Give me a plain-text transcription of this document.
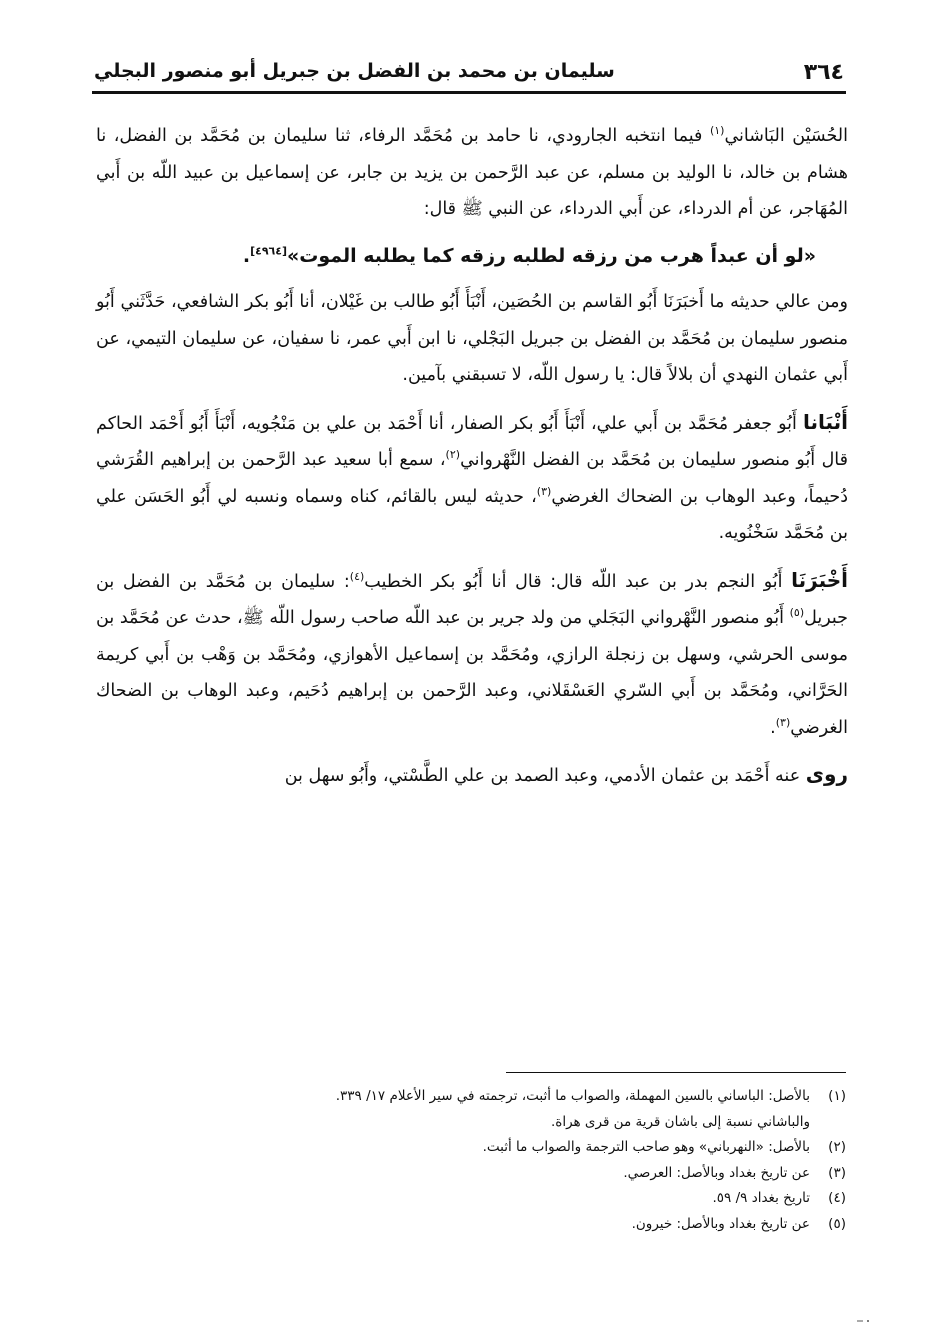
٣٦٤
سليمان بن محمد بن الفضل بن جبريل أبو منصور البجلي

الحُسَيْن البَاشاني$^{(١)}$ فيما انتخبه الجارودي، نا حامد بن مُحَمَّد الرفاء، ثنا سليمان بن مُحَمَّد بن الفضل، نا هشام بن خالد، نا الوليد بن مسلم، عن عبد الرَّحمن بن يزيد بن جابر، عن إسماعيل بن عبيد اللّه بن أَبي المُهَاجر، عن أم الدرداء، عن أَبي الدرداء، عن النبي ﷺ قال:

«لو أن عبداً هرب من رزقه لطلبه رزقه كما يطلبه الموت»[٤٩٦٤].

ومن عالي حديثه ما أَخبَرَنَا أَبُو القاسم بن الحُصَين، أَنْبَأَ أَبُو طالب بن غَيْلان، أنا أَبُو بكر الشافعي، حَدَّثَني أَبُو منصور سليمان بن مُحَمَّد بن الفضل بن جبريل البَجْلي، نا ابن أَبي عمر، نا سفيان، عن سليمان التيمي، عن أَبي عثمان النهدي أن بلالاً قال: يا رسول اللّه، لا تسبقني بآمين.

أَنْبَانا أَبُو جعفر مُحَمَّد بن أَبي علي، أَنْبَأَ أَبُو بكر الصفار، أنا أَحْمَد بن علي بن مَنْجُويه، أَنْبَأَ أَبُو أَحْمَد الحاكم قال أَبُو منصور سليمان بن مُحَمَّد بن الفضل النَّهْرواني$^{(٢)}$، سمع أبا سعيد عبد الرَّحمن بن إبراهيم القُرَشي دُحيماً، وعبد الوهاب بن الضحاك الغرضي$^{(٣)}$، حديثه ليس بالقائم، كناه وسماه ونسبه لي أَبُو الحَسَن علي بن مُحَمَّد سَخْنُويه.

أَخْبَرَنَا أَبُو النجم بدر بن عبد اللّه قال: قال أنا أَبُو بكر الخطيب$^{(٤)}$: سليمان بن مُحَمَّد بن الفضل بن جبريل$^{(٥)}$ أَبُو منصور النَّهْرواني البَجَلي من ولد جرير بن عبد اللّه صاحب رسول اللّه ﷺ، حدث عن مُحَمَّد بن موسى الحرشي، وسهل بن زنجلة الرازي، ومُحَمَّد بن إسماعيل الأهوازي، ومُحَمَّد بن وَهْب بن أَبي كريمة الحَرَّاني، ومُحَمَّد بن أَبي السّري العَسْقَلاني، وعبد الرَّحمن بن إبراهيم دُحَيم، وعبد الوهاب بن الضحاك الغرضي$^{(٣)}$.

روى عنه أَحْمَد بن عثمان الأدمي، وعبد الصمد بن علي الطَّسْتي، وأَبُو سهل بن

(١)
بالأصل: الباساني بالسين المهملة، والصواب ما أثبت، ترجمته في سير الأعلام ١٧/ ٣٣٩.
والباشاني نسبة إلى باشان قرية من قرى هراة.
(٢)
بالأصل: «النهرباني» وهو صاحب الترجمة والصواب ما أثبت.
(٣)
عن تاريخ بغداد وبالأصل: العرصي.
(٤)
تاريخ بغداد ٩/ ٥٩.
(٥)
عن تاريخ بغداد وبالأصل: خيرون.
